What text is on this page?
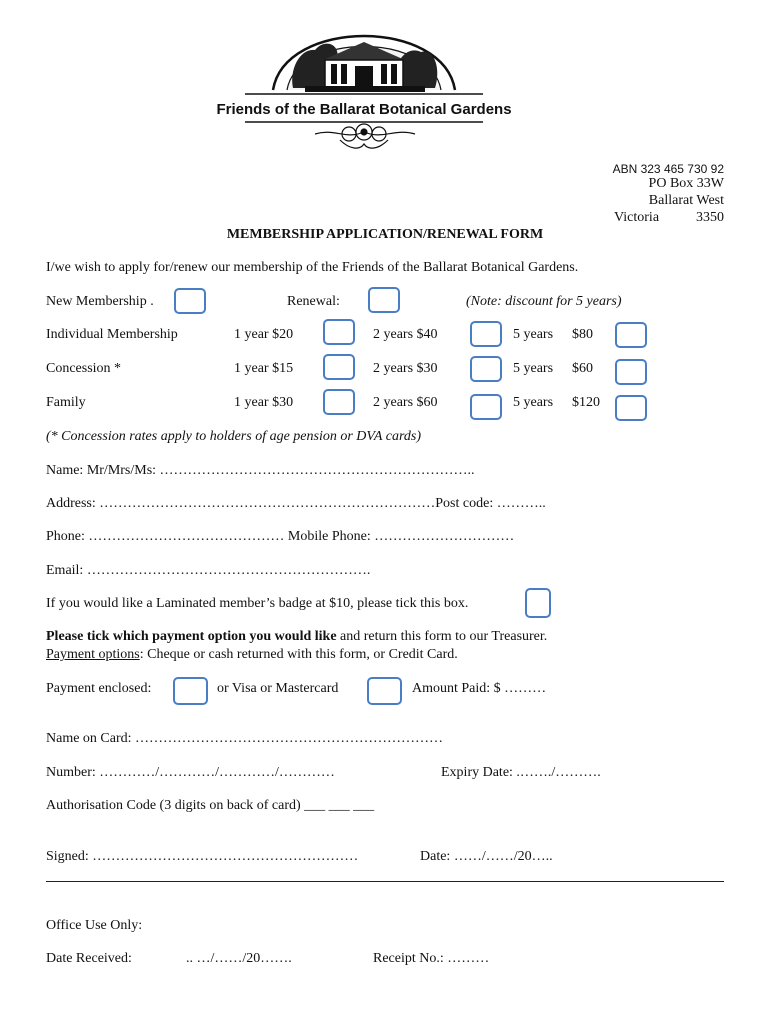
Friends of the Ballarat Botanical Gardens
ABN 323 465 730 92
PO Box 33W
Ballarat West
Victoria	3350
MEMBERSHIP APPLICATION/RENEWAL FORM
I/we wish to apply for/renew our membership of the Friends of the Ballarat Botanical Gardens.
New Membership .	Renewal:	(Note: discount for 5 years)
Individual Membership	1 year $20	2 years $40	5 years $80
Concession *	1 year $15	2 years $30	5 years $60
Family	1 year $30	2 years $60	5 years $120
(* Concession rates apply to holders of age pension or DVA cards)
Name: Mr/Mrs/Ms: …………………………………………………………..
Address: ………………………………………………………………Post code: ………..
Phone: …………………………………… Mobile Phone: …………………………
Email: …………………………………………………….
If you would like a Laminated member’s badge at $10, please tick this box.
Please tick which payment option you would like and return this form to our Treasurer.
Payment options: Cheque or cash returned with this form, or Credit Card.
Payment enclosed:	or Visa or Mastercard	Amount Paid: $ ………
Name on Card: …………………………………………………………
Number: …………/…………/…………/…………	Expiry Date: .……./……….
Authorisation Code (3 digits on back of card) ___ ___ ___
Signed: …………………………………………………	Date: ……/……/20…..
Office Use Only:
Date Received:	.. …/……/20…….	Receipt No.: ………
